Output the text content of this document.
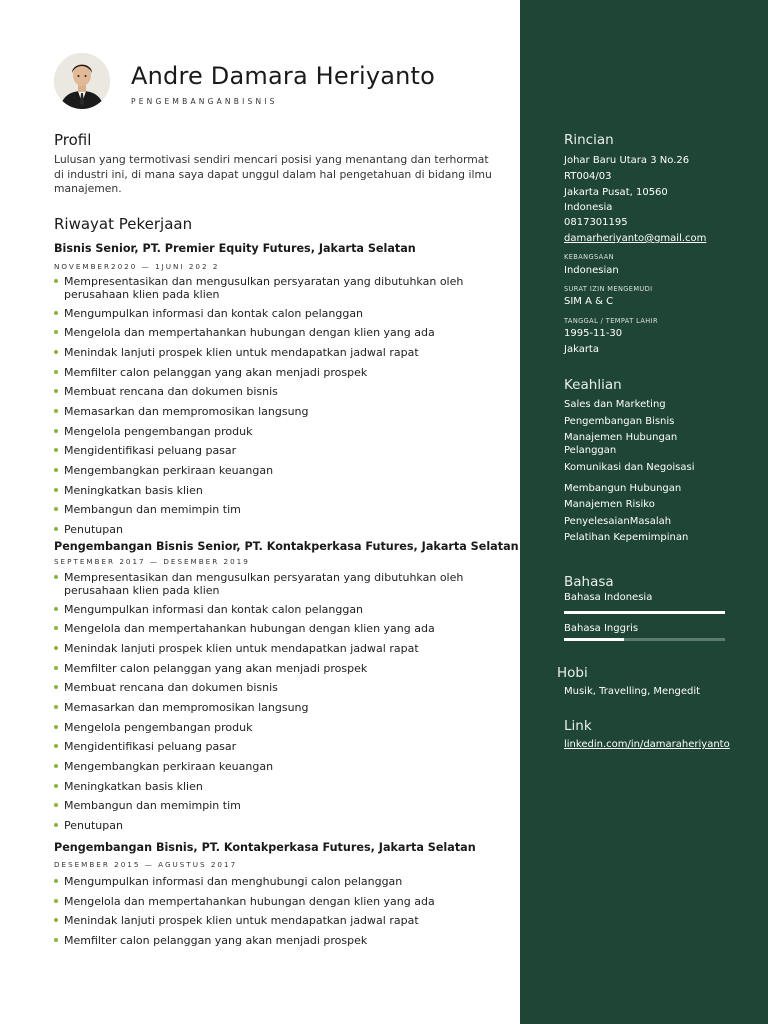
Andre Damara Heriyanto
PENGEMBANGANBISNIS
Profil

Lulusan yang termotivasi sendiri mencari posisi yang menantang dan terhormat di industri ini, di mana saya dapat unggul dalam hal pengetahuan di bidang ilmu manajemen.

Riwayat Pekerjaan
Bisnis Senior, PT. Premier Equity Futures, Jakarta Selatan
NOVEMBER2020 — 1JUNI 202 2
Mempresentasikan dan mengusulkan persyaratan yang dibutuhkan oleh perusahaan klien pada klien
Mengumpulkan informasi dan kontak calon pelanggan
Mengelola dan mempertahankan hubungan dengan klien yang ada
Menindak lanjuti prospek klien untuk mendapatkan jadwal rapat
Memfilter calon pelanggan yang akan menjadi prospek
Membuat rencana dan dokumen bisnis
Memasarkan dan mempromosikan langsung
Mengelola pengembangan produk
Mengidentifikasi peluang pasar
Mengembangkan perkiraan keuangan
Meningkatkan basis klien
Membangun dan memimpin tim
Penutupan
Pengembangan Bisnis Senior, PT. Kontakperkasa Futures, Jakarta Selatan
SEPTEMBER 2017 — DESEMBER 2019
Mempresentasikan dan mengusulkan persyaratan yang dibutuhkan oleh perusahaan klien pada klien
Mengumpulkan informasi dan kontak calon pelanggan
Mengelola dan mempertahankan hubungan dengan klien yang ada
Menindak lanjuti prospek klien untuk mendapatkan jadwal rapat
Memfilter calon pelanggan yang akan menjadi prospek
Membuat rencana dan dokumen bisnis
Memasarkan dan mempromosikan langsung
Mengelola pengembangan produk
Mengidentifikasi peluang pasar
Mengembangkan perkiraan keuangan
Meningkatkan basis klien
Membangun dan memimpin tim
Penutupan
Pengembangan Bisnis, PT. Kontakperkasa Futures, Jakarta Selatan
DESEMBER 2015 — AGUSTUS 2017
Mengumpulkan informasi dan menghubungi calon pelanggan
Mengelola dan mempertahankan hubungan dengan klien yang ada
Menindak lanjuti prospek klien untuk mendapatkan jadwal rapat
Memfilter calon pelanggan yang akan menjadi prospek
Rincian
Johar Baru Utara 3 No.26
RT004/03
Jakarta Pusat, 10560
Indonesia
0817301195
damarheriyanto@gmail.com
KEBANGSAAN
Indonesian
SURAT IZIN MENGEMUDI
SIM A & C
TANGGAL / TEMPAT LAHIR
1995-11-30
Jakarta
Keahlian
Sales dan Marketing
Pengembangan Bisnis
Manajemen Hubungan
Pelanggan
Komunikasi dan Negoisasi
Membangun Hubungan
Manajemen Risiko
PenyelesaianMasalah
Pelatihan Kepemimpinan
Bahasa
Bahasa Indonesia
Bahasa Inggris
Hobi
Musik, Travelling, Mengedit
Link
linkedin.com/in/damaraheriyanto
